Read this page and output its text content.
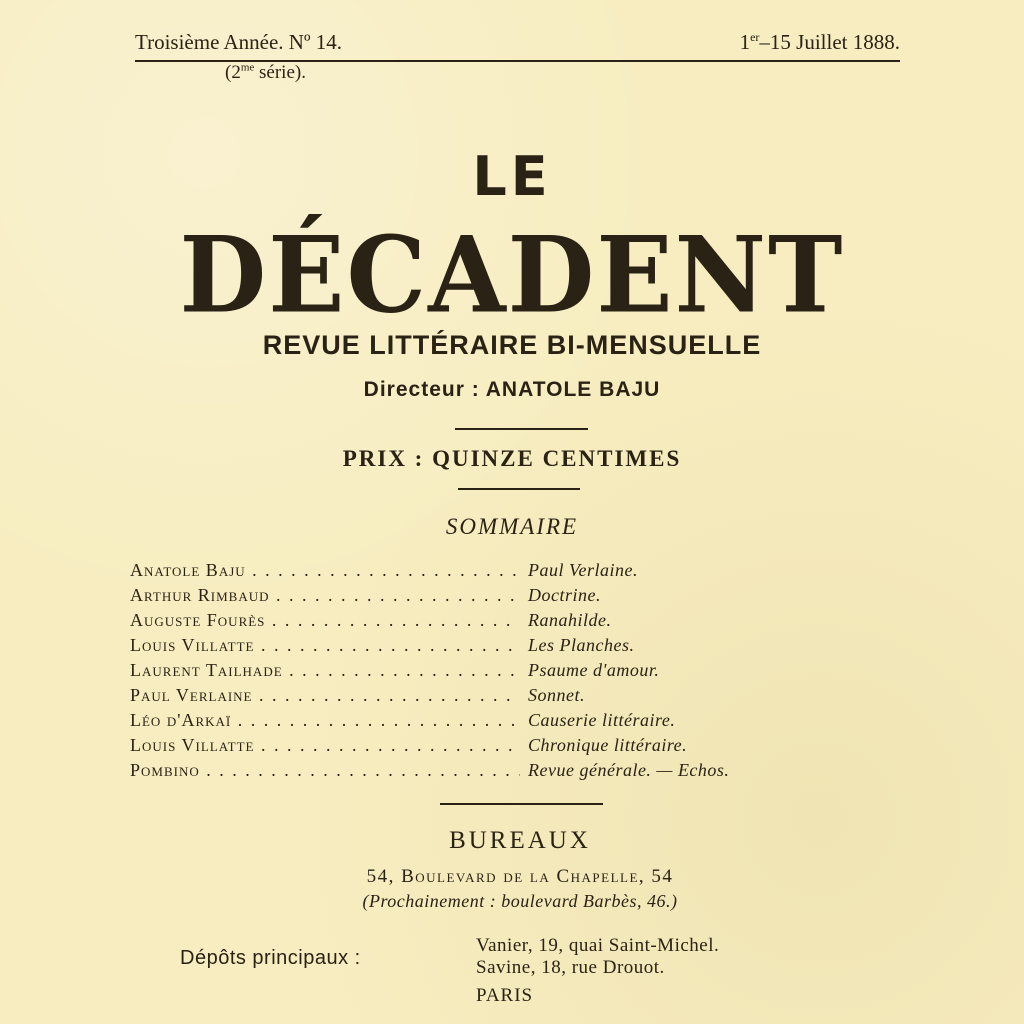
Troisième Année. Nº 14.	1er–15 Juillet 1888.
($2^{me}$ série).
LE
DÉCADENT
REVUE LITTÉRAIRE BI-MENSUELLE
Directeur : ANATOLE BAJU
PRIX : QUINZE CENTIMES
SOMMAIRE
Anatole Baju . . .	Paul Verlaine.
Arthur Rimbaud . . .	Doctrine.
Auguste Fourès . . .	Ranahilde.
Louis Villatte . . .	Les Planches.
Laurent Tailhade . . .	Psaume d'amour.
Paul Verlaine . . .	Sonnet.
Léo d'Arkaï . . .	Causerie littéraire.
Louis Villatte . . .	Chronique littéraire.
Pombino . . .	Revue générale. — Echos.
BUREAUX
54, Boulevard de la Chapelle, 54
(Prochainement : boulevard Barbès, 46.)
Dépôts principaux :
Vanier, 19, quai Saint-Michel.
Savine, 18, rue Drouot.
PARIS
